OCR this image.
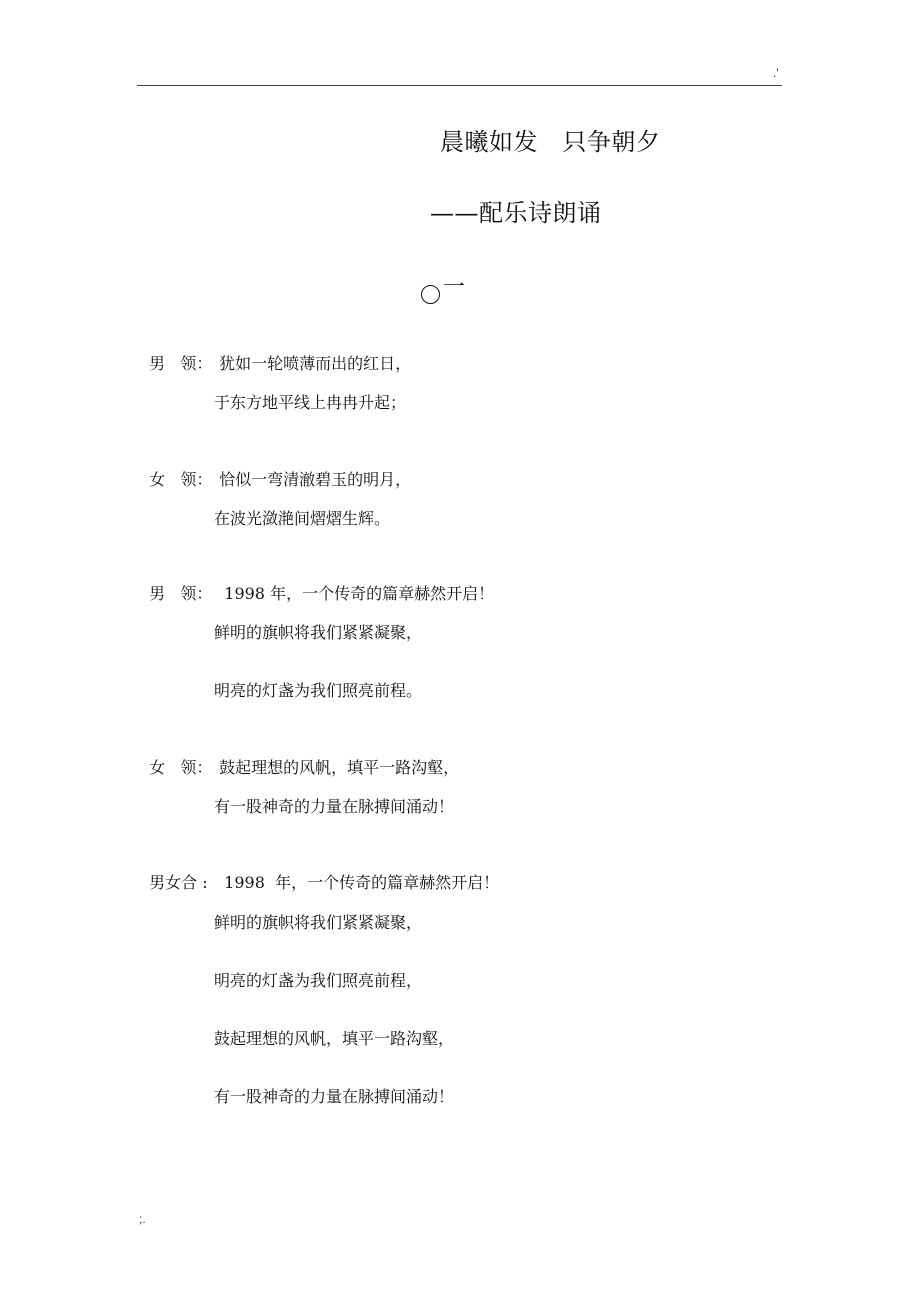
.'
晨曦如发   只争朝夕
——配乐诗朗诵
一

男   领： 犹如一轮喷薄而出的红日，

于东方地平线上冉冉升起；

女   领： 恰似一弯清澈碧玉的明月，

在波光潋滟间熠熠生辉。

男   领： 1998 年，一个传奇的篇章赫然开启！

鲜明的旗帜将我们紧紧凝聚，
明亮的灯盏为我们照亮前程。

女   领： 鼓起理想的风帆，填平一路沟壑，

有一股神奇的力量在脉搏间涌动！

男女合 : 1998  年，一个传奇的篇章赫然开启！

鲜明的旗帜将我们紧紧凝聚，
明亮的灯盏为我们照亮前程，
鼓起理想的风帆，填平一路沟壑，
有一股神奇的力量在脉搏间涌动！
;.
